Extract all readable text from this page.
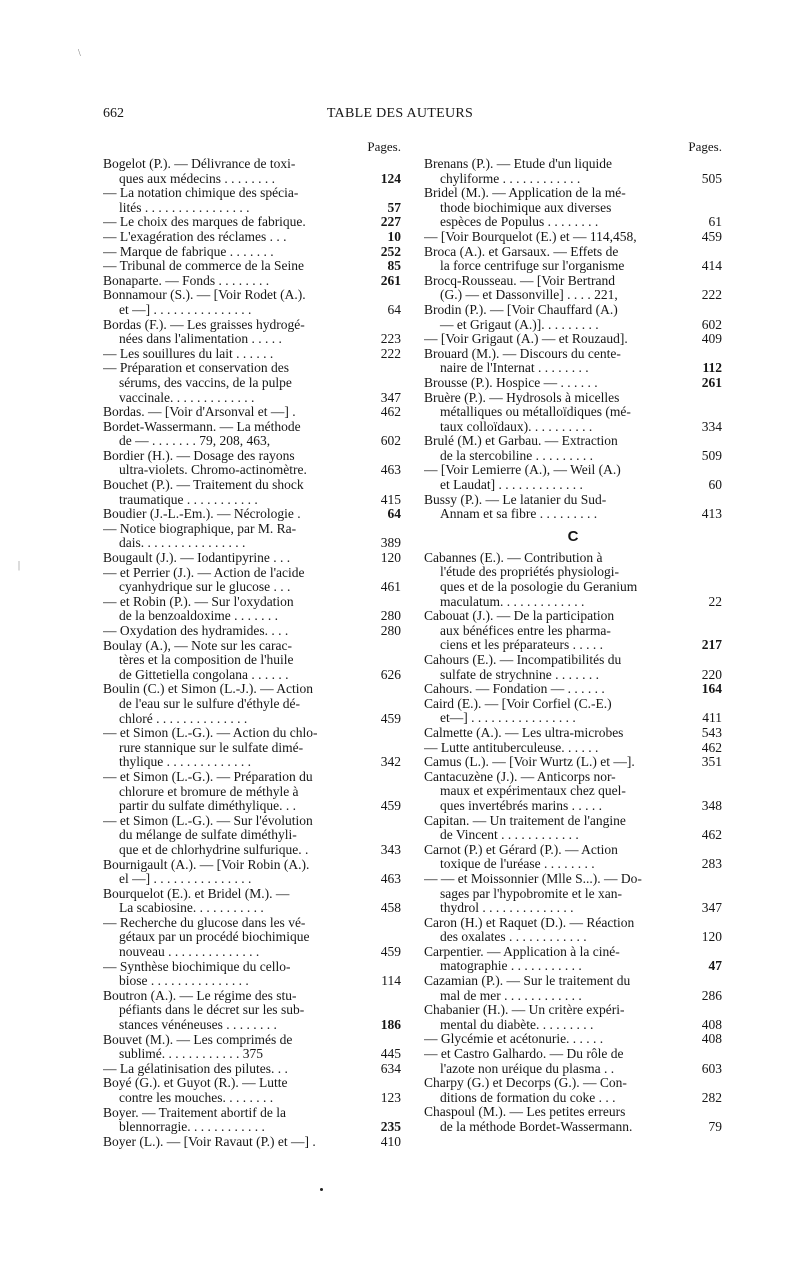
662	TABLE DES AUTEURS
\
|
Pages.
Bogelot (P.). — Délivrance de toxi-
ques aux médecins . . . . . . . .	124
— La notation chimique des spécia-
lités . . . . . . . . . . . . . . . .	57
— Le choix des marques de fabrique.	227
— L'exagération des réclames . . .	10
— Marque de fabrique . . . . . . .	252
— Tribunal de commerce de la Seine	85
Bonaparte. — Fonds . . . . . . . .	261
Bonnamour (S.). — [Voir Rodet (A.).
et —] . . . . . . . . . . . . . . .	64
Bordas (F.). — Les graisses hydrogé-
nées dans l'alimentation . . . . .	223
— Les souillures du lait . . . . . .	222
— Préparation et conservation des
sérums, des vaccins, de la pulpe
vaccinale. . . . . . . . . . . . .	347
Bordas. — [Voir d'Arsonval et —] .	462
Bordet-Wassermann. — La méthode
de — . . . . . . . 79, 208, 463,	602
Bordier (H.). — Dosage des rayons
ultra-violets. Chromo-actinomètre.	463
Bouchet (P.). — Traitement du shock
traumatique . . . . . . . . . . .	415
Boudier (J.-L.-Em.). — Nécrologie .	64
— Notice biographique, par M. Ra-
dais. . . . . . . . . . . . . . . .	389
Bougault (J.). — Iodantipyrine . . .	120
— et Perrier (J.). — Action de l'acide
cyanhydrique sur le glucose . . .	461
— et Robin (P.). — Sur l'oxydation
de la benzoaldoxime . . . . . . .	280
— Oxydation des hydramides. . . .	280
Boulay (A.), — Note sur les carac-
tères et la composition de l'huile
de Gittetiella congolana . . . . . .	626
Boulin (C.) et Simon (L.-J.). — Action
de l'eau sur le sulfure d'éthyle dé-
chloré . . . . . . . . . . . . . .	459
— et Simon (L.-G.). — Action du chlo-
rure stannique sur le sulfate dimé-
thylique . . . . . . . . . . . . .	342
— et Simon (L.-G.). — Préparation du
chlorure et bromure de méthyle à
partir du sulfate diméthylique. . .	459
— et Simon (L.-G.). — Sur l'évolution
du mélange de sulfate diméthyli-
que et de chlorhydrine sulfurique. .	343
Bournigault (A.). — [Voir Robin (A.).
el —] . . . . . . . . . . . . . . .	463
Bourquelot (E.). et Bridel (M.). —
La scabiosine. . . . . . . . . . .	458
— Recherche du glucose dans les vé-
gétaux par un procédé biochimique
nouveau . . . . . . . . . . . . . .	459
— Synthèse biochimique du cello-
biose . . . . . . . . . . . . . . .	114
Boutron (A.). — Le régime des stu-
péfiants dans le décret sur les sub-
stances vénéneuses . . . . . . . .	186
Bouvet (M.). — Les comprimés de
sublimé. . . . . . . . . . . . 375	445
— La gélatinisation des pilutes. . .	634
Boyé (G.). et Guyot (R.). — Lutte
contre les mouches. . . . . . . .	123
Boyer. — Traitement abortif de la
blennorragie. . . . . . . . . . . .	235
Boyer (L.). — [Voir Ravaut (P.) et —] .	410
Pages.
Brenans (P.). — Etude d'un liquide
chyliforme . . . . . . . . . . . .	505
Bridel (M.). — Application de la mé-
thode biochimique aux diverses
espèces de Populus . . . . . . . .	61
— [Voir Bourquelot (E.) et — 114,458,	459
Broca (A.). et Garsaux. — Effets de
la force centrifuge sur l'organisme	414
Brocq-Rousseau. — [Voir Bertrand
(G.) — et Dassonville] . . . . 221,	222
Brodin (P.). — [Voir Chauffard (A.)
— et Grigaut (A.)]. . . . . . . . .	602
— [Voir Grigaut (A.) — et Rouzaud].	409
Brouard (M.). — Discours du cente-
naire de l'Internat . . . . . . . .	112
Brousse (P.). Hospice — . . . . . .	261
Bruère (P.). — Hydrosols à micelles
métalliques ou métalloïdiques (mé-
taux colloïdaux). . . . . . . . . .	334
Brulé (M.) et Garbau. — Extraction
de la stercobiline . . . . . . . . .	509
— [Voir Lemierre (A.), — Weil (A.)
et Laudat] . . . . . . . . . . . . .	60
Bussy (P.). — Le latanier du Sud-
Annam et sa fibre . . . . . . . . .	413
C
Cabannes (E.). — Contribution à
l'étude des propriétés physiologi-
ques et de la posologie du Geranium
maculatum. . . . . . . . . . . . .	22
Cabouat (J.). — De la participation
aux bénéfices entre les pharma-
ciens et les préparateurs . . . . .	217
Cahours (E.). — Incompatibilités du
sulfate de strychnine . . . . . . .	220
Cahours. — Fondation — . . . . . .	164
Caird (E.). — [Voir Corfiel (C.-E.)
et—] . . . . . . . . . . . . . . . .	411
Calmette (A.). — Les ultra-microbes	543
— Lutte antituberculeuse. . . . . .	462
Camus (L.). — [Voir Wurtz (L.) et —].	351
Cantacuzène (J.). — Anticorps nor-
maux et expérimentaux chez quel-
ques invertébrés marins . . . . .	348
Capitan. — Un traitement de l'angine
de Vincent . . . . . . . . . . . .	462
Carnot (P.) et Gérard (P.). — Action
toxique de l'uréase . . . . . . . .	283
— — et Moissonnier (Mlle S...). — Do-
sages par l'hypobromite et le xan-
thydrol . . . . . . . . . . . . . .	347
Caron (H.) et Raquet (D.). — Réaction
des oxalates . . . . . . . . . . . .	120
Carpentier. — Application à la ciné-
matographie . . . . . . . . . . .	47
Cazamian (P.). — Sur le traitement du
mal de mer . . . . . . . . . . . .	286
Chabanier (H.). — Un critère expéri-
mental du diabète. . . . . . . . .	408
— Glycémie et acétonurie. . . . . .	408
— et Castro Galhardo. — Du rôle de
l'azote non uréique du plasma . .	603
Charpy (G.) et Decorps (G.). — Con-
ditions de formation du coke . . .	282
Chaspoul (M.). — Les petites erreurs
de la méthode Bordet-Wassermann.	79
